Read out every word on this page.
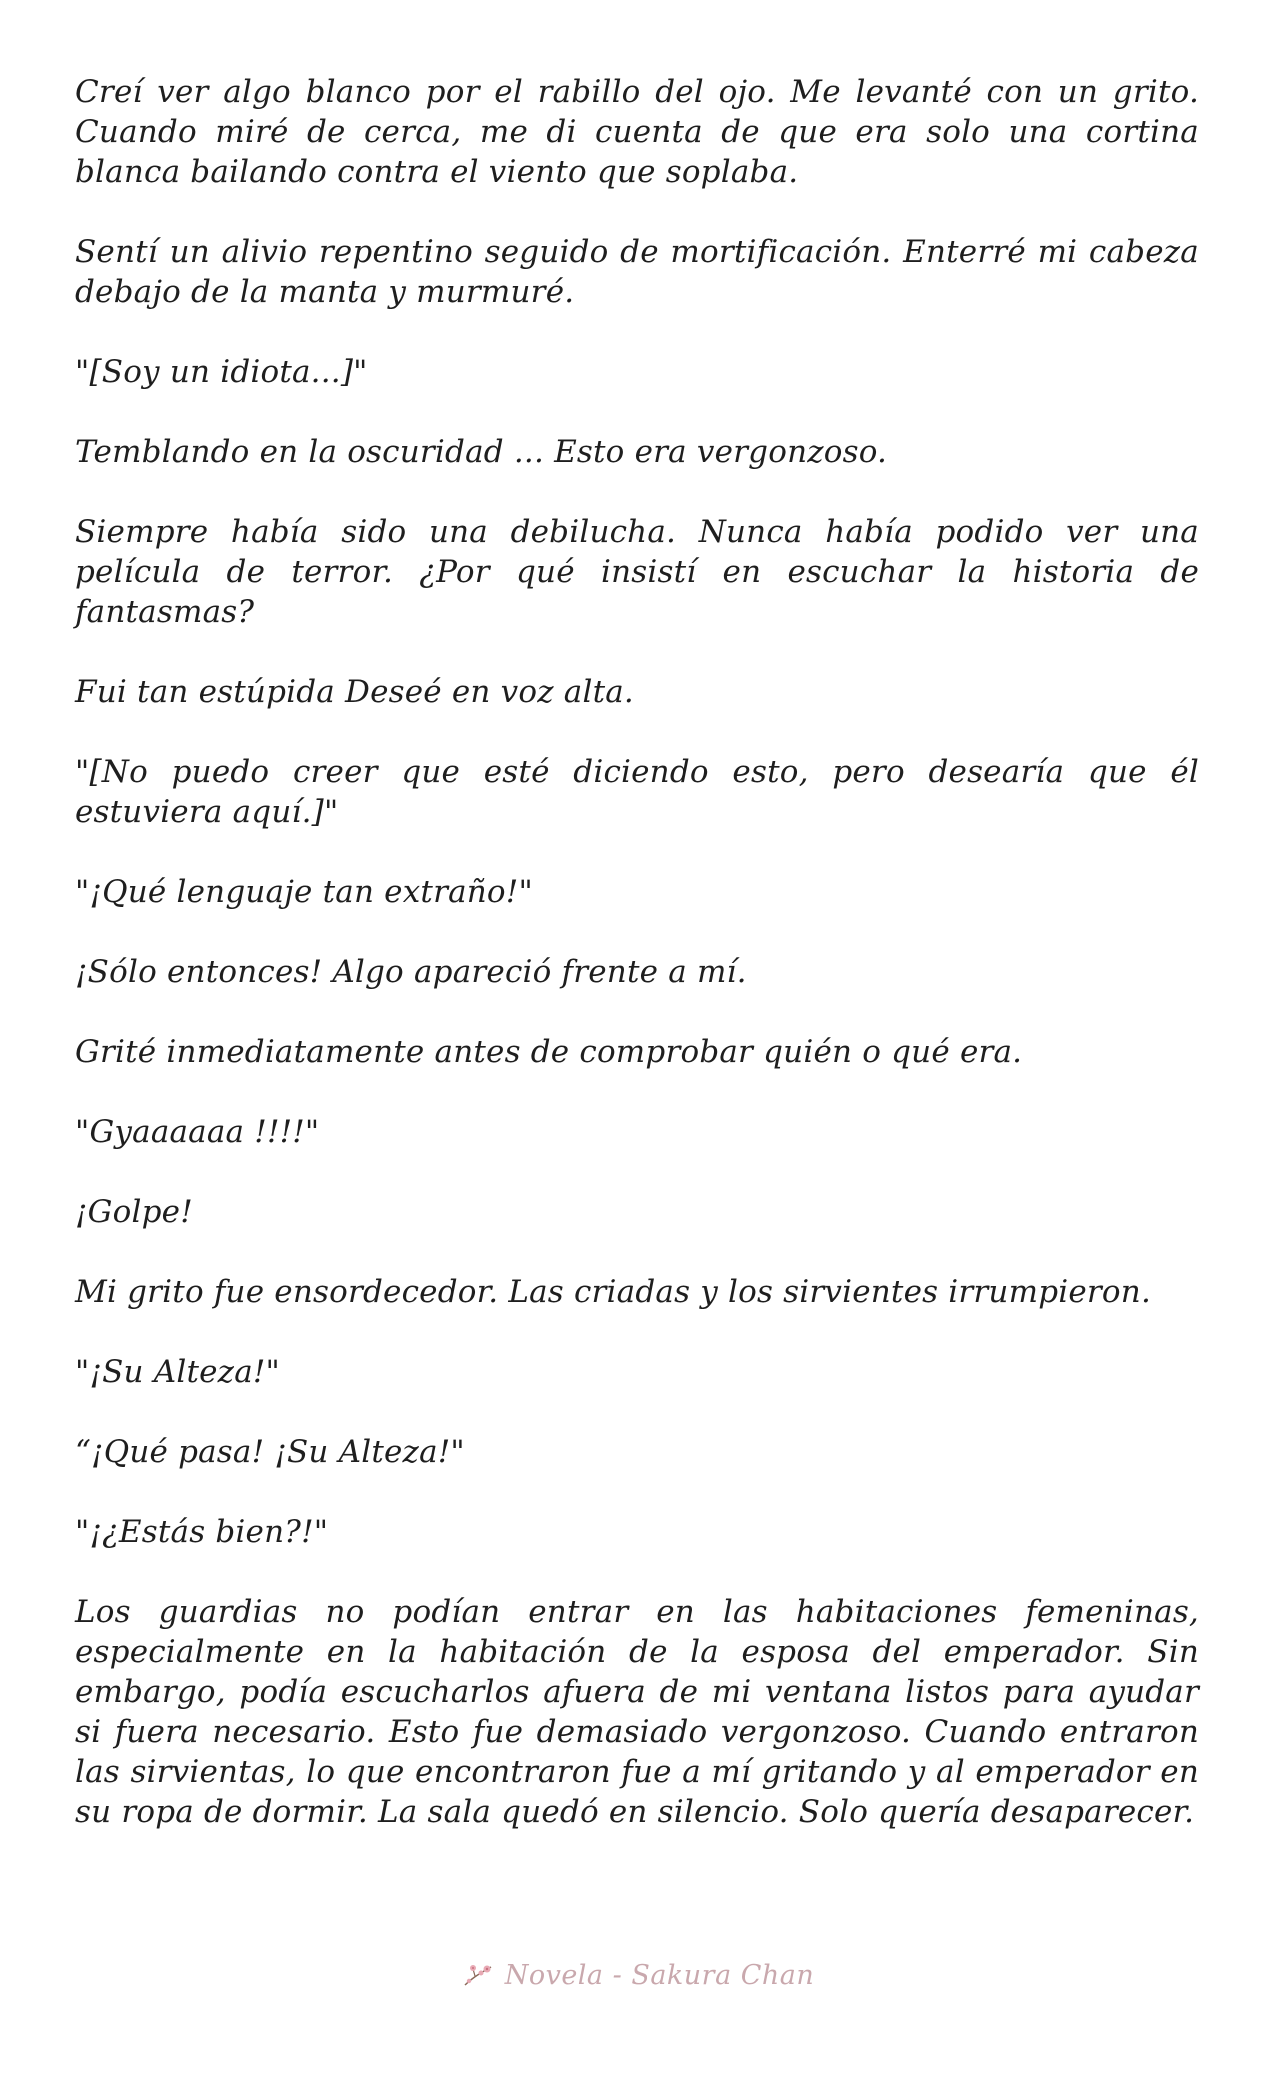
Creí ver algo blanco por el rabillo del ojo. Me levanté con un grito. Cuando miré de cerca, me di cuenta de que era solo una cortina blanca bailando contra el viento que soplaba.

Sentí un alivio repentino seguido de mortificación. Enterré mi cabeza debajo de la manta y murmuré.

"[Soy un idiota...]"

Temblando en la oscuridad ... Esto era vergonzoso.

Siempre había sido una debilucha. Nunca había podido ver una película de terror. ¿Por qué insistí en escuchar la historia de fantasmas?

Fui tan estúpida Deseé en voz alta.

"[No puedo creer que esté diciendo esto, pero desearía que él estuviera aquí.]"

"¡Qué lenguaje tan extraño!"

¡Sólo entonces! Algo apareció frente a mí.

Grité inmediatamente antes de comprobar quién o qué era.

"Gyaaaaaa !!!!"

¡Golpe!

Mi grito fue ensordecedor. Las criadas y los sirvientes irrumpieron.

"¡Su Alteza!"

“¡Qué pasa! ¡Su Alteza!"

"¡¿Estás bien?!"

Los guardias no podían entrar en las habitaciones femeninas, especialmente en la habitación de la esposa del emperador. Sin embargo, podía escucharlos afuera de mi ventana listos para ayudar si fuera necesario. Esto fue demasiado vergonzoso. Cuando entraron las sirvientas, lo que encontraron fue a mí gritando y al emperador en su ropa de dormir. La sala quedó en silencio. Solo quería desaparecer.

Novela - Sakura Chan
